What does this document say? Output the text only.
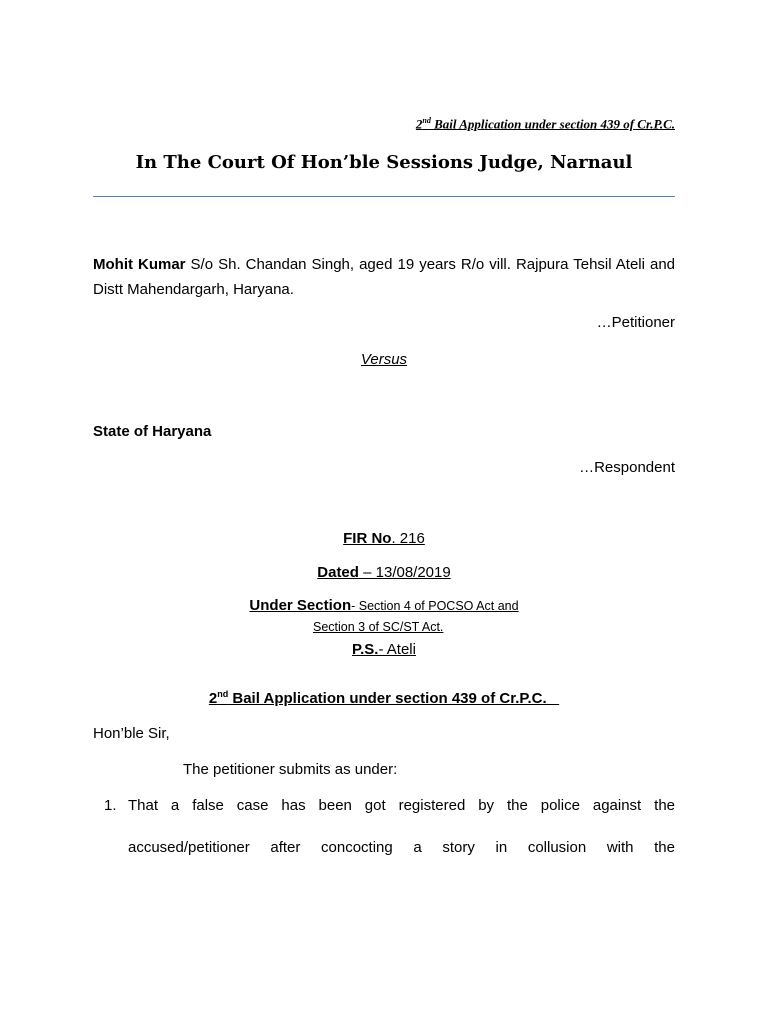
2nd Bail Application under section 439 of Cr.P.C.
In The Court Of Hon’ble Sessions Judge, Narnaul
Mohit Kumar S/o Sh. Chandan Singh, aged 19 years R/o vill. Rajpura Tehsil Ateli and Distt Mahendargarh, Haryana.
…Petitioner
Versus
State of Haryana
…Respondent
FIR No. 216
Dated – 13/08/2019
Under Section- Section 4 of POCSO Act and
Section 3 of SC/ST Act.
P.S.- Ateli
2nd Bail Application under section 439 of Cr.P.C.
Hon’ble Sir,
The petitioner submits as under:
1. That a false case has been got registered by the police against the
accused/petitioner after concocting a story in collusion with the
